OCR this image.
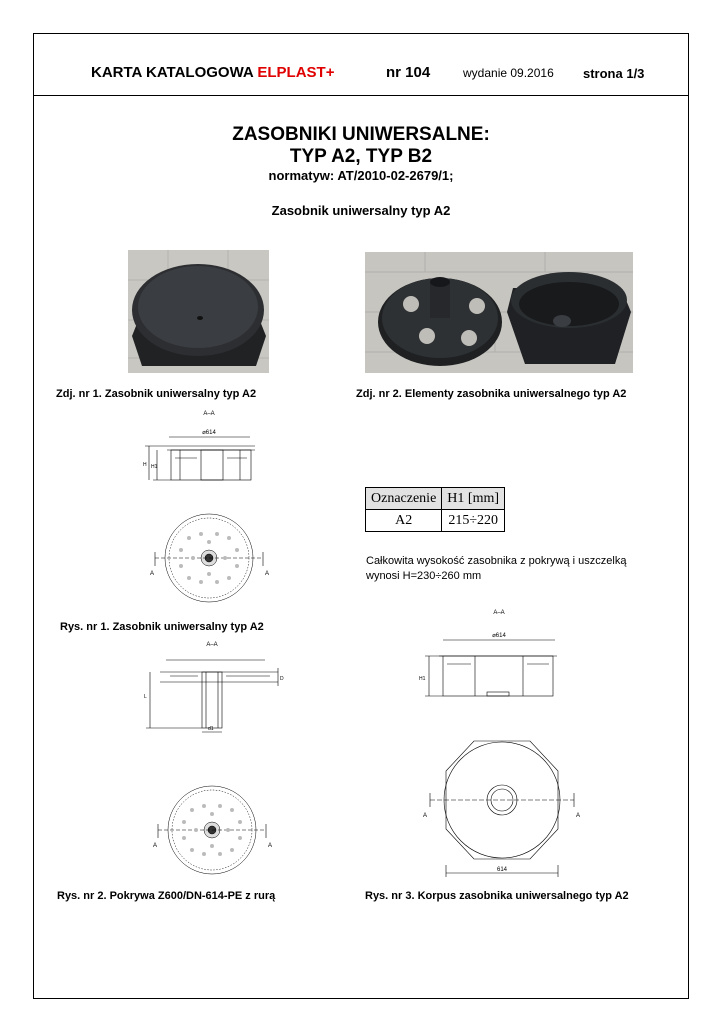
KARTA KATALOGOWA ELPLAST+	nr 104	wydanie 09.2016 strona 1/3
ZASOBNIKI UNIWERSALNE:
TYP A2, TYP B2
normatyw: AT/2010-02-2679/1;
Zasobnik uniwersalny typ A2
Zdj. nr 1. Zasobnik uniwersalny typ A2	Zdj. nr 2. Elementy zasobnika uniwersalnego typ A2
A–A
⌀614
H H1
A	A
Rys. nr 1. Zasobnik uniwersalny typ A2
Oznaczenie	H1 [mm]
A2	215÷220
Całkowita wysokość zasobnika z pokrywą i uszczelką
wynosi H=230÷260 mm
A–A
L
d1
D
A	A
Rys. nr 2. Pokrywa Z600/DN-614-PE z rurą
A–A
⌀614
H1
A	A
614
Rys. nr 3. Korpus zasobnika uniwersalnego typ A2
